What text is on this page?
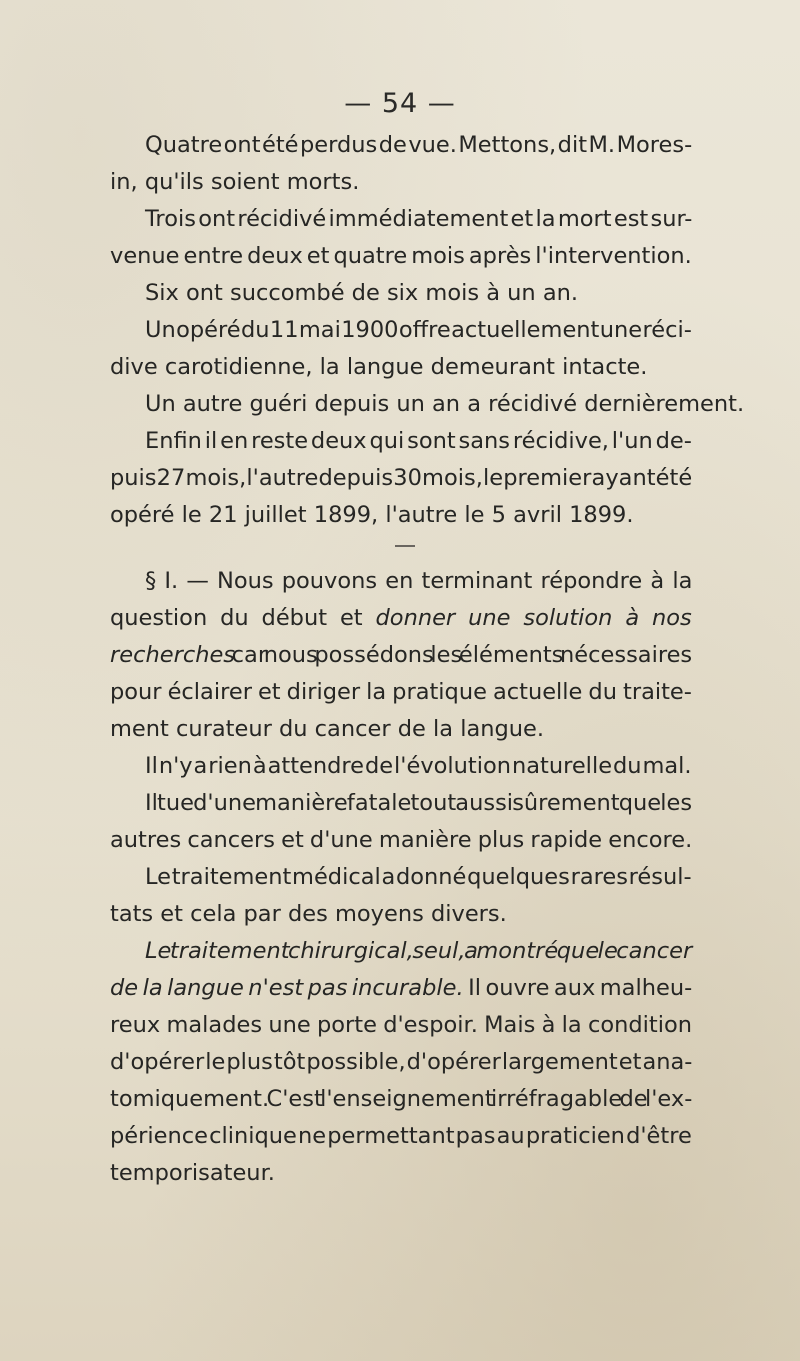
— 54 —
Quatre ont été perdus de vue. Mettons, dit M. Mores-
in, qu'ils soient morts.
Trois ont récidivé immédiatement et la mort est sur-
venue entre deux et quatre mois après l'intervention.
Six ont succombé de six mois à un an.
Un opéré du 11 mai 1900 offre actuellement une réci-
dive carotidienne, la langue demeurant intacte.
Un autre guéri depuis un an a récidivé dernièrement.
Enfin il en reste deux qui sont sans récidive, l'un de-
puis 27 mois, l'autre depuis 30 mois, le premier ayant été
opéré le 21 juillet 1899, l'autre le 5 avril 1899.
§ I. — Nous pouvons en terminant répondre à la
question du début et donner une solution à nos
recherches car nous possédons les éléments nécessaires
pour éclairer et diriger la pratique actuelle du traite-
ment curateur du cancer de la langue.
Il n'y a rien à attendre de l'évolution naturelle du mal.
Il tue d'une manière fatale tout aussi sûrement que les
autres cancers et d'une manière plus rapide encore.
Le traitement médical a donné quelques rares résul-
tats et cela par des moyens divers.
Le traitement chirurgical, seul, a montré que le cancer
de la langue n'est pas incurable. Il ouvre aux malheu-
reux malades une porte d'espoir. Mais à la condition
d'opérer le plus tôt possible, d'opérer largement et ana-
tomiquement. C'est l'enseignement irréfragable de l'ex-
périence clinique ne permettant pas au praticien d'être
temporisateur.
